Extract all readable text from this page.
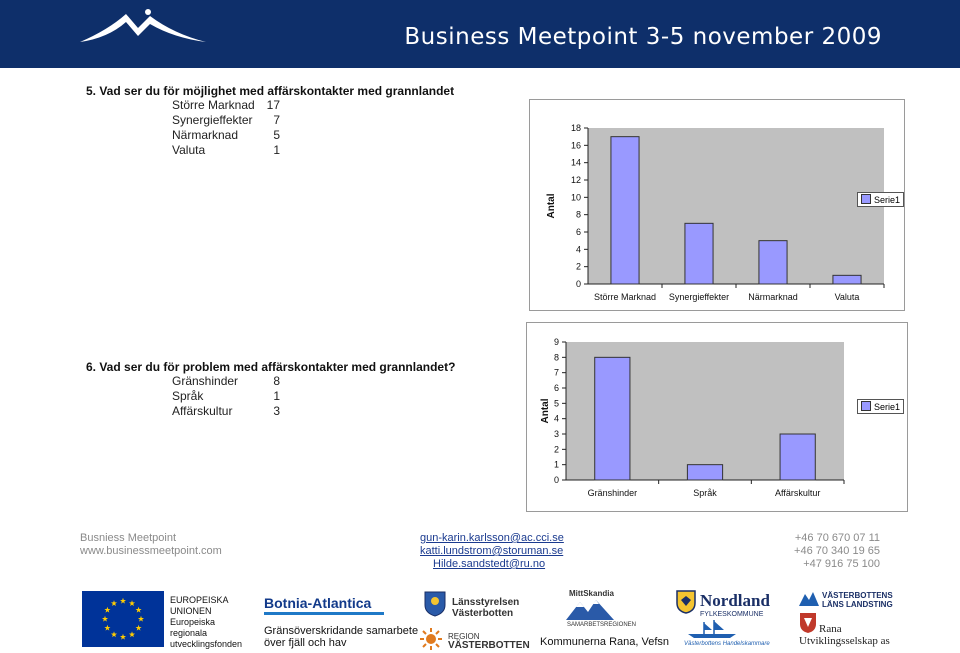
Business Meetpoint 3-5 november 2009
5. Vad ser du för möjlighet med affärskontakter med grannlandet
Större Marknad 17
Synergieffekter 7
Närmarknad	5
Valuta	1
0
2
4
6
8
10
12
14
16
18
Antal
Större Marknad Synergieffekter Närmarknad	Valuta
Serie1
6. Vad ser du för problem med affärskontakter med grannlandet?
Gränshinder	8
Språk	1
Affärskultur	3
0
1
2
3
4
5
6
7
8
9
Antal
Gränshinder	Språk	Affärskultur
Serie1
Busniess Meetpoint
www.businessmeetpoint.com
gun-karin.karlsson@ac.cci.se
katti.lundstrom@storuman.se
Hilde.sandstedt@ru.no
+46 70 670 07 11
+46 70 340 19 65
+47 916 75 100
EUROPEISKA
UNIONEN
Europeiska
regionala
utvecklingsfonden
Botnia-Atlantica
Gränsöverskridande samarbete
över fjäll och hav
Länsstyrelsen
Västerbotten
REGION
VÄSTERBOTTEN
MittSkandia
SAMARBETSREGIONEN
Kommunerna Rana, Vefsn
Nordland
FYLKESKOMMUNE
Västerbottens Handelskammare
VÄSTERBOTTENS
LÄNS LANDSTING
Rana
Utviklingsselskap as
